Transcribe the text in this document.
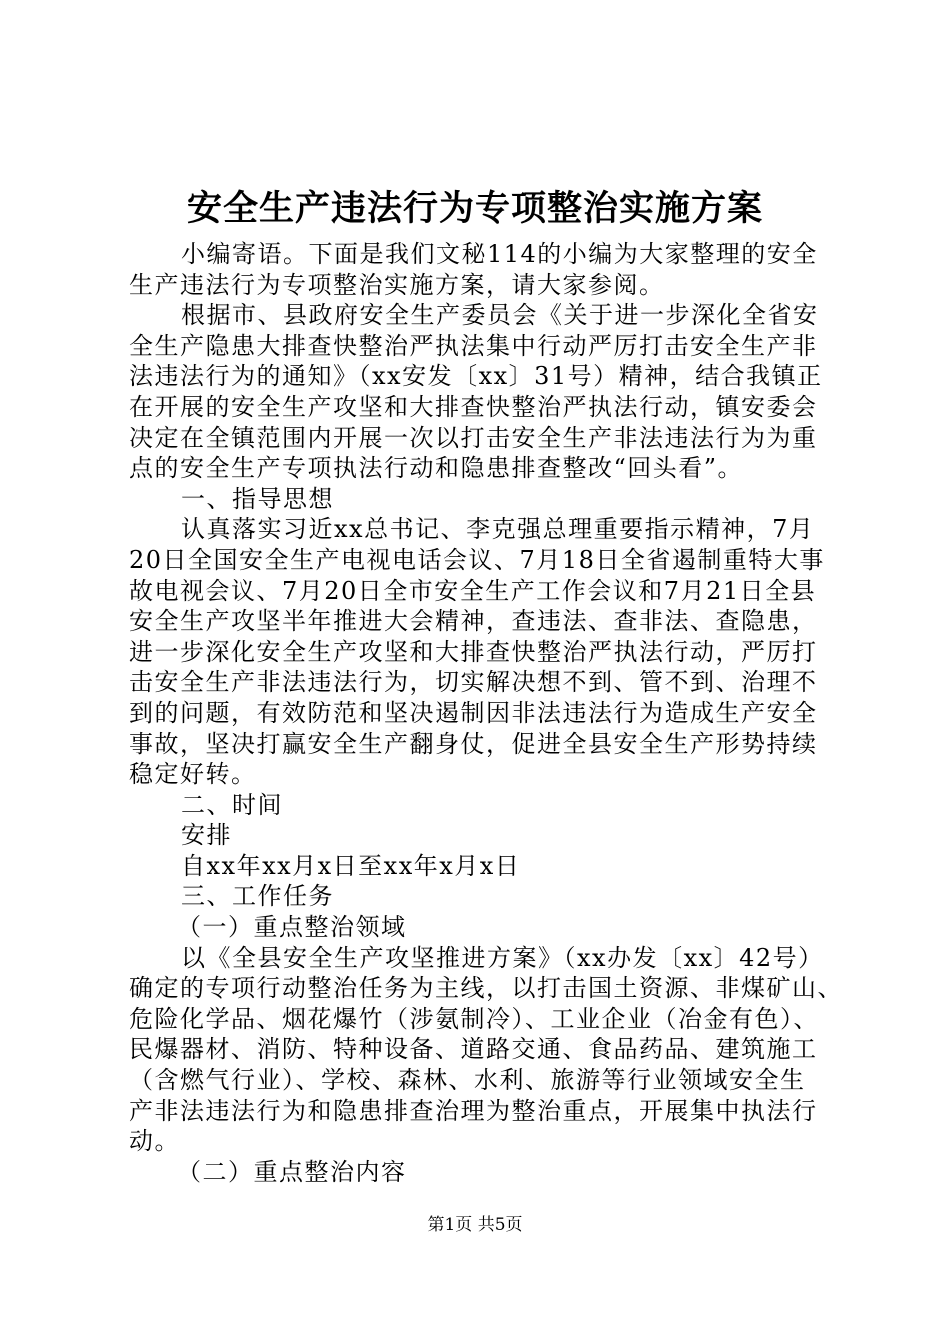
安全生产违法行为专项整治实施方案
小编寄语。下面是我们文秘114的小编为大家整理的安全
生产违法行为专项整治实施方案，请大家参阅。
根据市、县政府安全生产委员会《关于进一步深化全省安
全生产隐患大排查快整治严执法集中行动严厉打击安全生产非
法违法行为的通知》（xx安发〔xx〕31号）精神，结合我镇正
在开展的安全生产攻坚和大排查快整治严执法行动，镇安委会
决定在全镇范围内开展一次以打击安全生产非法违法行为为重
点的安全生产专项执法行动和隐患排查整改“回头看”。
一、指导思想
认真落实习近xx总书记、李克强总理重要指示精神，7月
20日全国安全生产电视电话会议、7月18日全省遏制重特大事
故电视会议、7月20日全市安全生产工作会议和7月21日全县
安全生产攻坚半年推进大会精神，查违法、查非法、查隐患，
进一步深化安全生产攻坚和大排查快整治严执法行动，严厉打
击安全生产非法违法行为，切实解决想不到、管不到、治理不
到的问题，有效防范和坚决遏制因非法违法行为造成生产安全
事故，坚决打赢安全生产翻身仗，促进全县安全生产形势持续
稳定好转。
二、时间
安排
自xx年xx月x日至xx年x月x日
三、工作任务
（一）重点整治领域
以《全县安全生产攻坚推进方案》（xx办发〔xx〕42号）
确定的专项行动整治任务为主线，以打击国土资源、非煤矿山、
危险化学品、烟花爆竹（涉氨制冷）、工业企业（冶金有色）、
民爆器材、消防、特种设备、道路交通、食品药品、建筑施工
（含燃气行业）、学校、森林、水利、旅游等行业领域安全生
产非法违法行为和隐患排查治理为整治重点，开展集中执法行
动。
（二）重点整治内容
第1页 共5页
